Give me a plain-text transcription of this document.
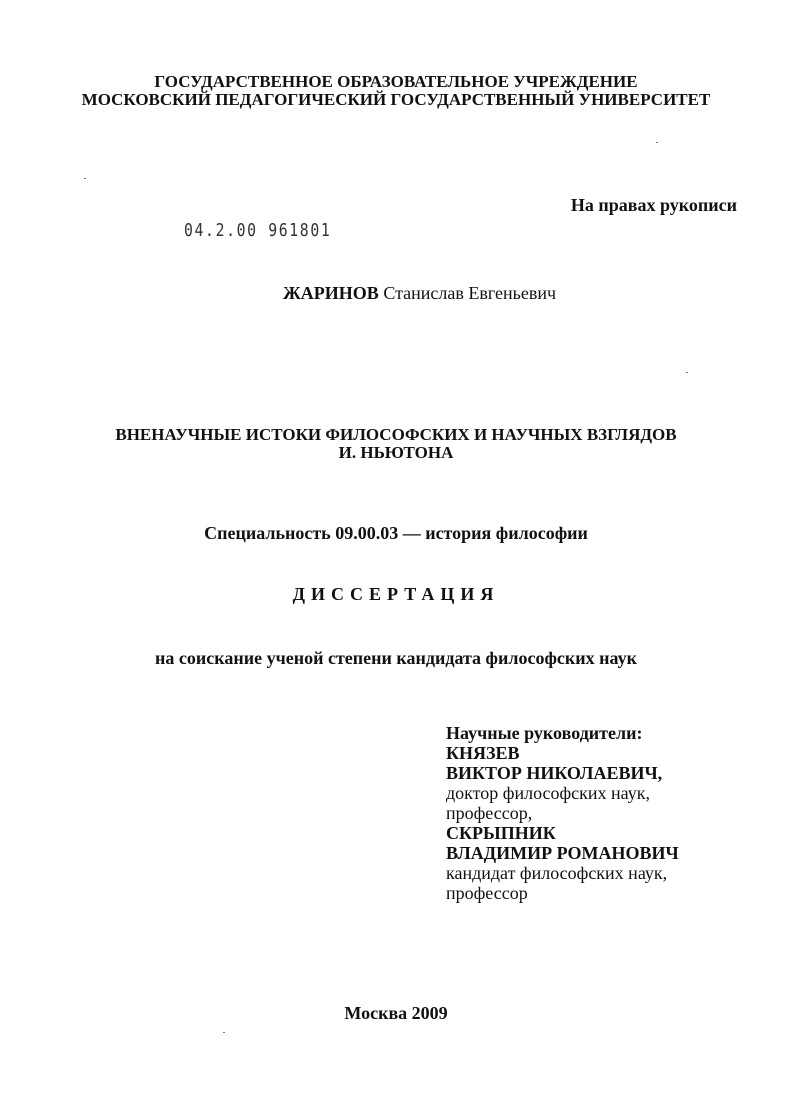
ГОСУДАРСТВЕННОЕ ОБРАЗОВАТЕЛЬНОЕ УЧРЕЖДЕНИЕ
МОСКОВСКИЙ ПЕДАГОГИЧЕСКИЙ ГОСУДАРСТВЕННЫЙ УНИВЕРСИТЕТ
На правах рукописи
04.2.00 961801
ЖАРИНОВ Станислав Евгеньевич
ВНЕНАУЧНЫЕ ИСТОКИ ФИЛОСОФСКИХ И НАУЧНЫХ ВЗГЛЯДОВ
И. НЬЮТОНА
Специальность 09.00.03 — история философии
ДИССЕРТАЦИЯ
на соискание ученой степени кандидата философских наук
Научные руководители:
КНЯЗЕВ
ВИКТОР НИКОЛАЕВИЧ,
доктор философских наук,
профессор,
СКРЫПНИК
ВЛАДИМИР РОМАНОВИЧ
кандидат философских наук,
профессор
Москва 2009
